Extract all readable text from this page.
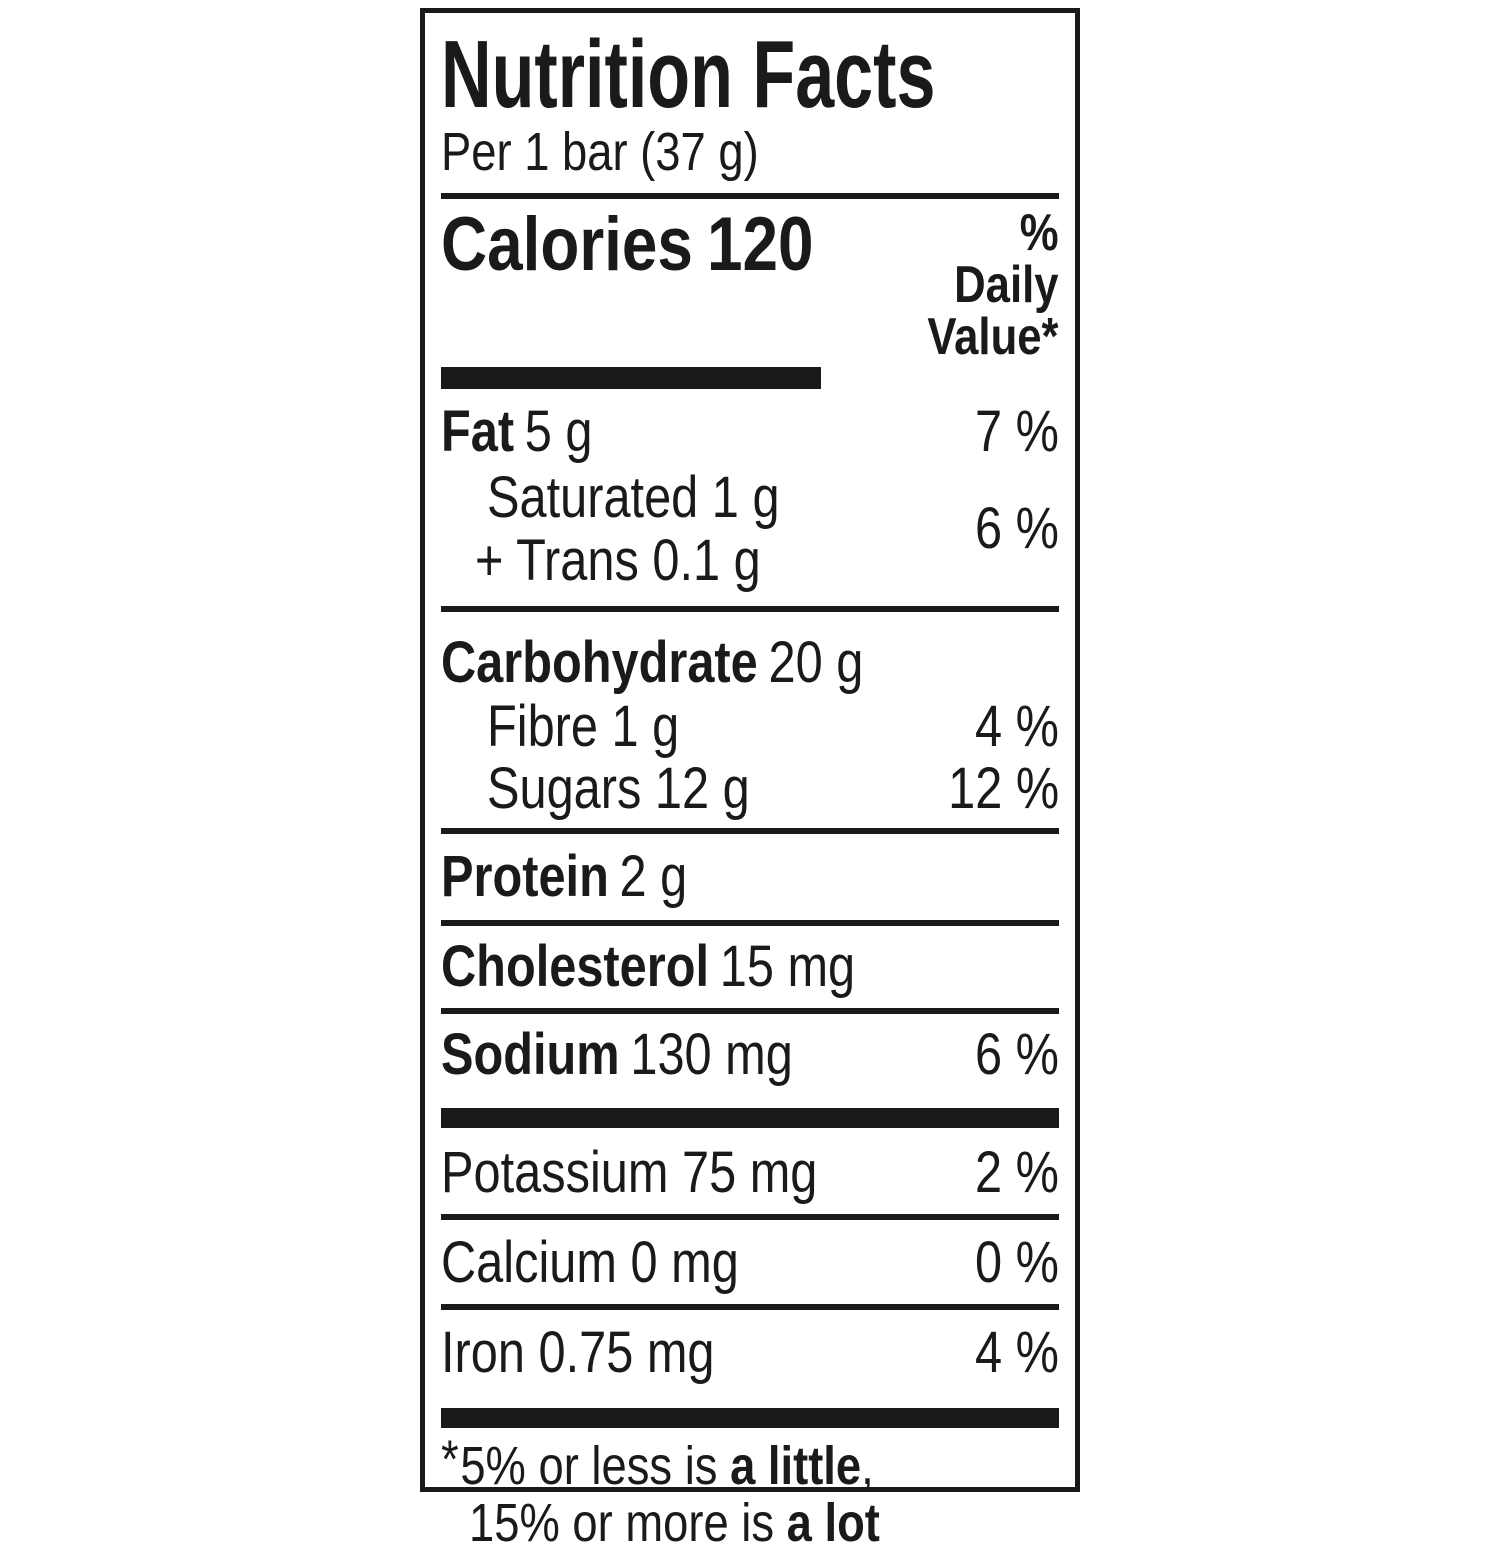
Nutrition Facts
Per 1 bar (37 g)
Calories 120	% Daily
Value*
Fat 5 g	7 %
Saturated 1 g
+ Trans 0.1 g	6 %
Carbohydrate 20 g
Fibre 1 g	4 %
Sugars 12 g	12 %
Protein 2 g
Cholesterol 15 mg
Sodium 130 mg	6 %
Potassium 75 mg	2 %
Calcium 0 mg	0 %
Iron 0.75 mg	4 %
*5% or less is a little,
15% or more is a lot
